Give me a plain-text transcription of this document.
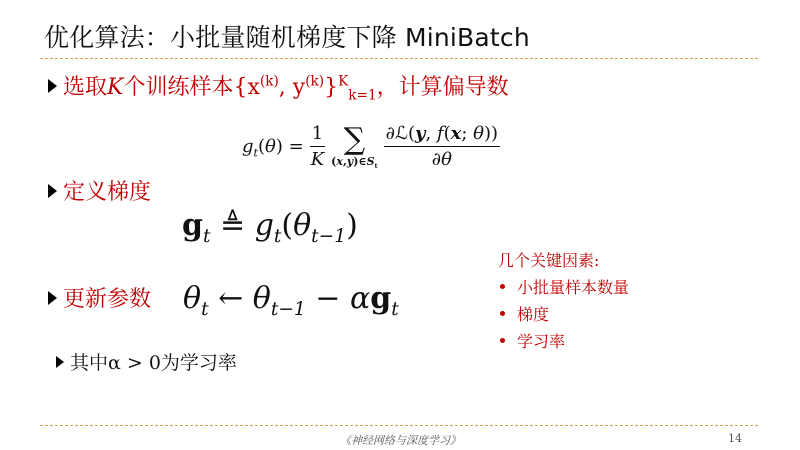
优化算法：小批量随机梯度下降 MiniBatch
选取K个训练样本{$x^{(k)}$, $y^{(k)}\}^K_{k=1}$，计算偏导数
$g_t(\theta) = \frac{1}{K}$ ∑
$(x,y)\in S_t \frac{\text{∂ℒ(y, f(x; θ))}}{\partial\theta}$
定义梯度
$g_t$ ≜ $g_t(\theta_{t-1})$
更新参数 $\theta_t$ ← $\theta_{t-1} - \alpha g_t$
其中α > 0为学习率
几个关键因素:
小批量样本数量
梯度
学习率
《神经网络与深度学习》	14
